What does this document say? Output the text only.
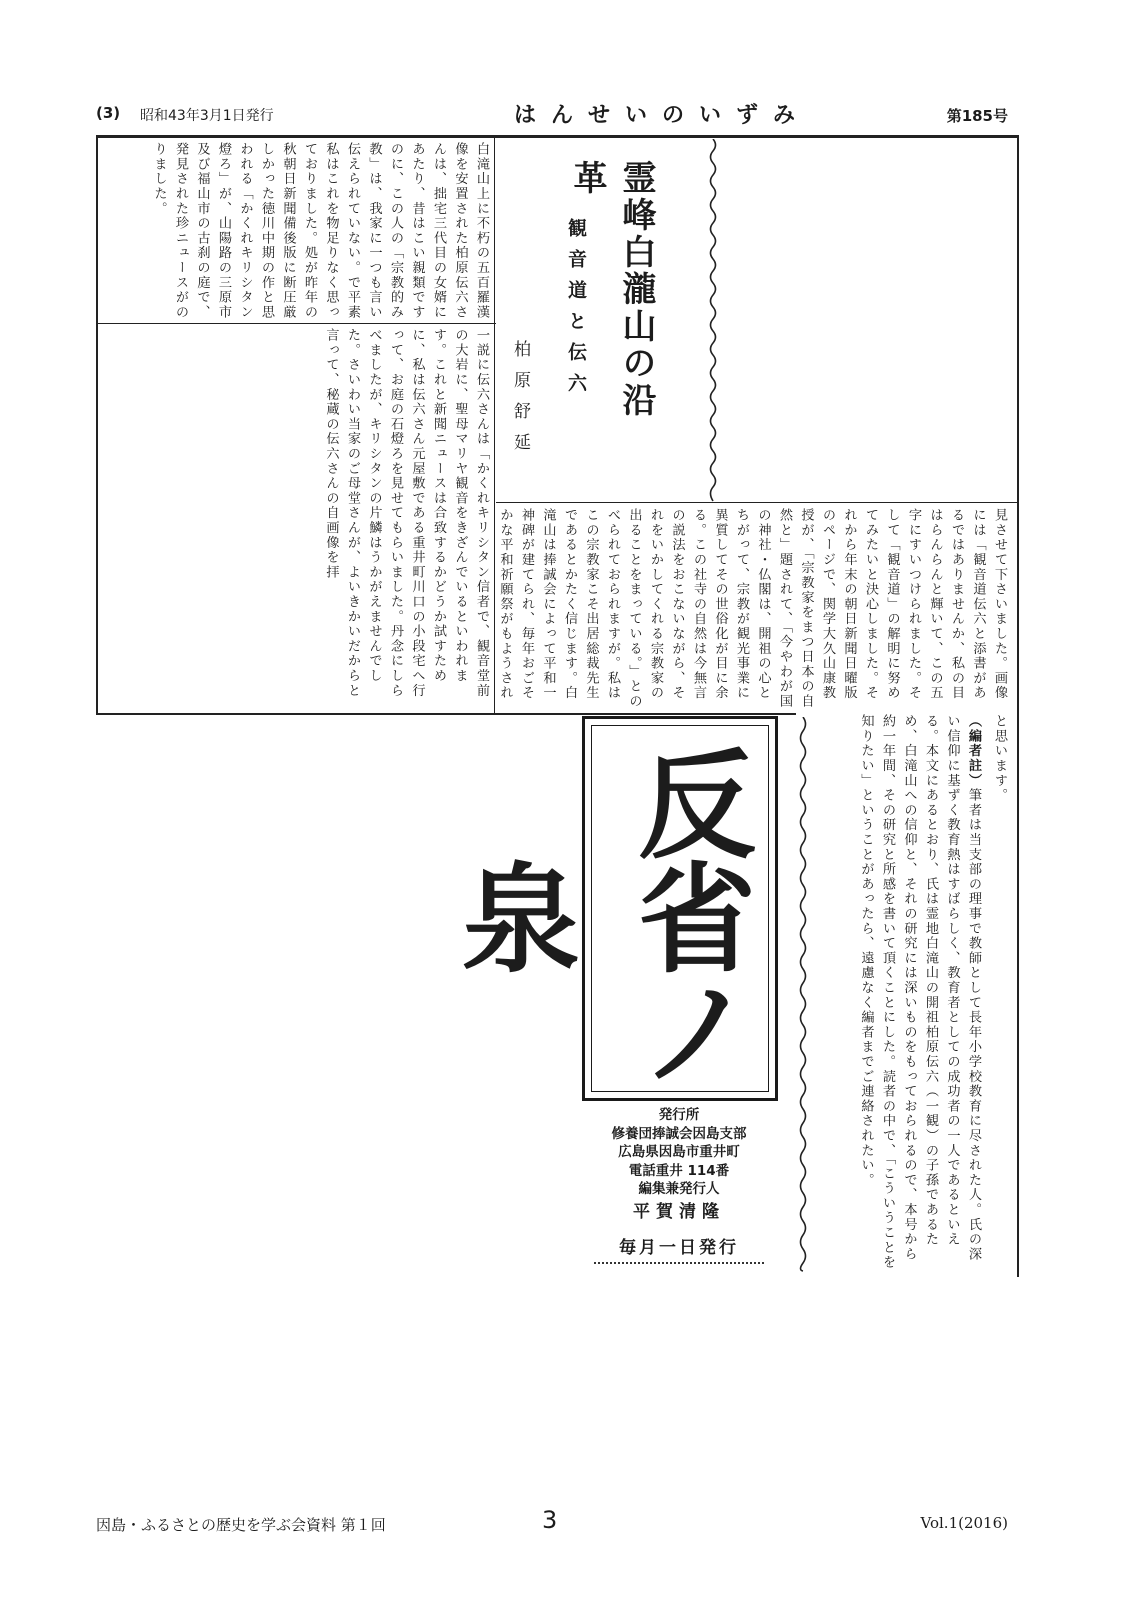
(3) 昭和43年3月1日発行	はんせいのいずみ	第185号
霊峰白瀧山の沿革
観音道と伝六
柏原舒延
白滝山上に不朽の五百羅漢像を安置された柏原伝六さんは、拙宅三代目の女婿にあたり、昔はこい親類ですのに、この人の「宗教的み教」は、我家に一つも言い伝えられていない。で平素私はこれを物足りなく思っておりました。処が昨年の秋朝日新聞備後版に断圧厳しかった徳川中期の作と思われる「かくれキリシタン燈ろ」が、山陽路の三原市及び福山市の古刹の庭で、発見された珍ニュースがのりました。
一説に伝六さんは「かくれキリシタン信者で、観音堂前の大岩に、聖母マリヤ観音をきざんでいるといわれます。これと新聞ニュースは合致するかどうか試すために、私は伝六さん元屋敷である重井町川口の小段宅へ行って、お庭の石燈ろを見せてもらいました。丹念にしらべましたが、キリシタンの片鱗はうかがえませんでした。さいわい当家のご母堂さんが、よいきかいだからと言って、秘蔵の伝六さんの自画像を拝	見させて下さいました。画像には「観音道伝六と添書があるではありませんか、私の目はらんらんと輝いて、この五字にすいつけられました。そして「観音道」の解明に努めてみたいと決心しました。それから年末の朝日新聞日曜版のページで、関学大久山康教授が、「宗教家をまつ日本の自然と」題されて、「今やわが国の神社・仏閣は、開祖の心とちがって、宗教が観光事業に異質してその世俗化が目に余る。この社寺の自然は今無言の説法をおこないながら、それをいかしてくれる宗教家の出ることをまっている。」とのべられておられますが。私はこの宗教家こそ出居総裁先生であるとかたく信じます。白滝山は捧誠会によって平和一神碑が建てられ、毎年おごそかな平和祈願祭がもようされ
と思います。
（編者註）筆者は当支部の理事で教師として長年小学校教育に尽された人。氏の深い信仰に基ずく教育熱はすばらしく、教育者としての成功者の一人であるといえる。本文にあるとおり、氏は霊地白滝山の開祖柏原伝六（一観）の子孫であるため、白滝山への信仰と、それの研究には深いものをもっておられるので、本号から約一年間、その研究と所感を書いて頂くことにした。読者の中で、「こういうことを知りたい」ということがあったら、遠慮なく編者までご連絡されたい。
反省ノ泉
発行所
修養団捧誠会因島支部
広島県因島市重井町
電話重井 114番
編集兼発行人
平賀清隆
毎月一日発行
因島・ふるさとの歴史を学ぶ会資料 第１回	3	Vol.1(2016)
